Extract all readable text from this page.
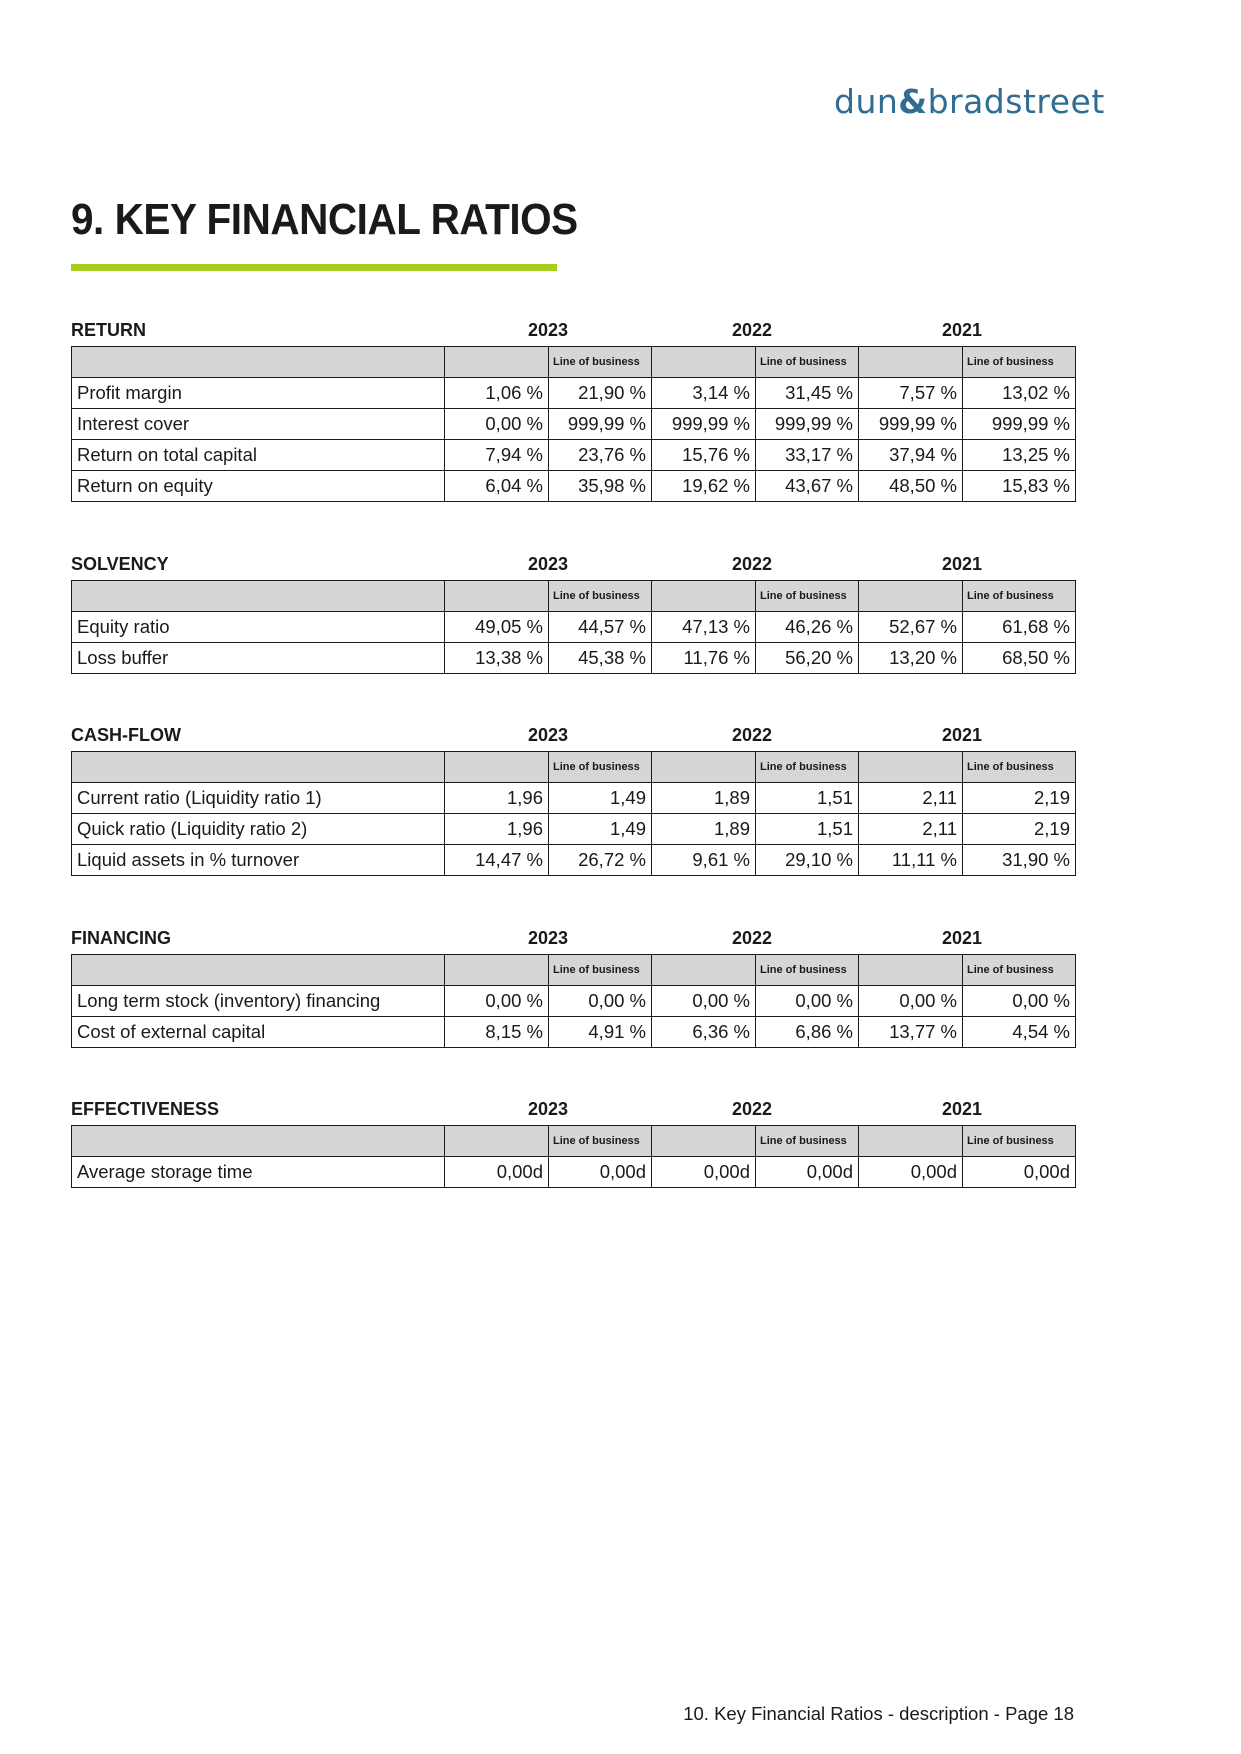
dun&bradstreet
9. KEY FINANCIAL RATIOS
RETURN	2023	2022	2021
		Line of business		Line of business		Line of business
Profit margin	1,06 %	21,90 %	3,14 %	31,45 %	7,57 %	13,02 %
Interest cover	0,00 %	999,99 %	999,99 %	999,99 %	999,99 %	999,99 %
Return on total capital	7,94 %	23,76 %	15,76 %	33,17 %	37,94 %	13,25 %
Return on equity	6,04 %	35,98 %	19,62 %	43,67 %	48,50 %	15,83 %
SOLVENCY	2023	2022	2021
		Line of business		Line of business		Line of business
Equity ratio	49,05 %	44,57 %	47,13 %	46,26 %	52,67 %	61,68 %
Loss buffer	13,38 %	45,38 %	11,76 %	56,20 %	13,20 %	68,50 %
CASH-FLOW	2023	2022	2021
		Line of business		Line of business		Line of business
Current ratio (Liquidity ratio 1)	1,96	1,49	1,89	1,51	2,11	2,19
Quick ratio (Liquidity ratio 2)	1,96	1,49	1,89	1,51	2,11	2,19
Liquid assets in % turnover	14,47 %	26,72 %	9,61 %	29,10 %	11,11 %	31,90 %
FINANCING	2023	2022	2021
		Line of business		Line of business		Line of business
Long term stock (inventory) financing	0,00 %	0,00 %	0,00 %	0,00 %	0,00 %	0,00 %
Cost of external capital	8,15 %	4,91 %	6,36 %	6,86 %	13,77 %	4,54 %
EFFECTIVENESS	2023	2022	2021
		Line of business		Line of business		Line of business
Average storage time	0,00d	0,00d	0,00d	0,00d	0,00d	0,00d
10. Key Financial Ratios - description - Page 18
